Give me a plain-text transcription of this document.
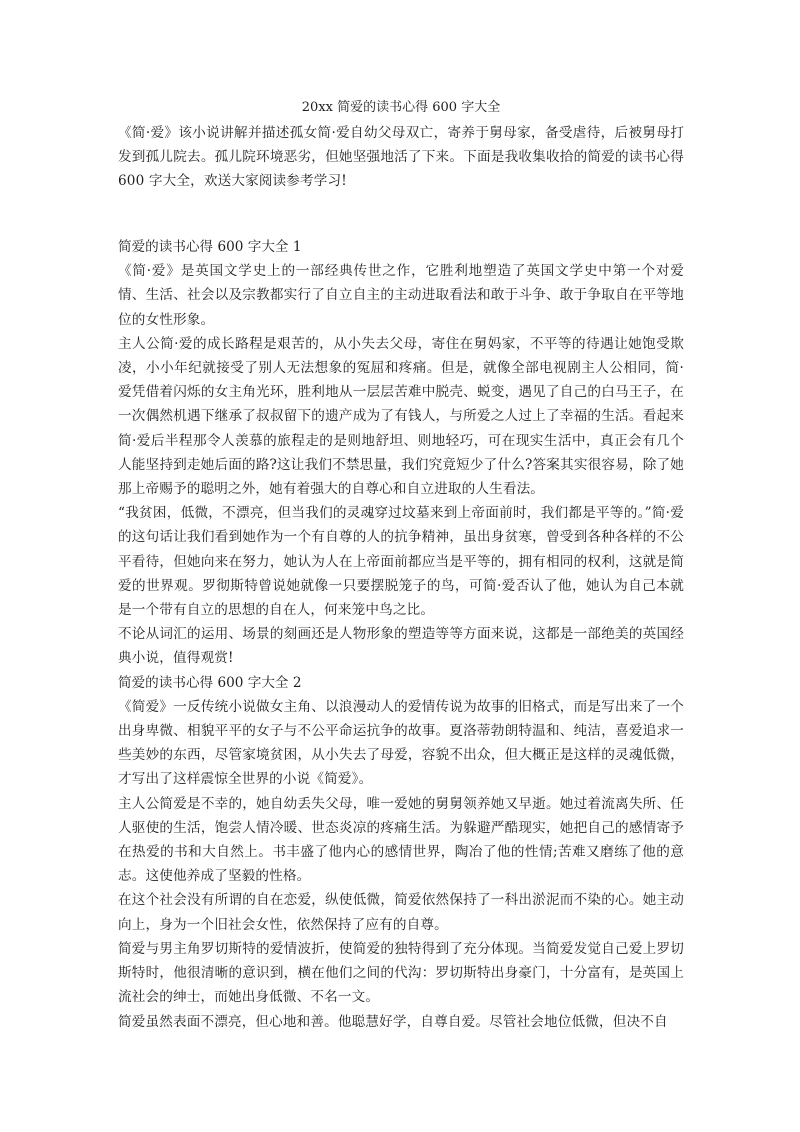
20xx 简爱的读书心得 600 字大全

《简·爱》该小说讲解并描述孤女简·爱自幼父母双亡，寄养于舅母家，备受虐待，后被舅母打发到孤儿院去。孤儿院环境恶劣，但她坚强地活了下来。下面是我收集收拾的简爱的读书心得 600 字大全，欢送大家阅读参考学习!

简爱的读书心得 600 字大全 1

《简·爱》是英国文学史上的一部经典传世之作，它胜利地塑造了英国文学史中第一个对爱情、生活、社会以及宗教都实行了自立自主的主动进取看法和敢于斗争、敢于争取自在平等地位的女性形象。

主人公简·爱的成长路程是艰苦的，从小失去父母，寄住在舅妈家，不平等的待遇让她饱受欺凌，小小年纪就接受了别人无法想象的冤屈和疼痛。但是，就像全部电视剧主人公相同，简·爱凭借着闪烁的女主角光环，胜利地从一层层苦难中脱壳、蜕变，遇见了自己的白马王子，在一次偶然机遇下继承了叔叔留下的遗产成为了有钱人，与所爱之人过上了幸福的生活。看起来简·爱后半程那令人羡慕的旅程走的是则地舒坦、则地轻巧，可在现实生活中，真正会有几个人能坚持到走她后面的路?这让我们不禁思量，我们究竟短少了什么?答案其实很容易，除了她那上帝赐予的聪明之外，她有着强大的自尊心和自立进取的人生看法。

“我贫困，低微，不漂亮，但当我们的灵魂穿过坟墓来到上帝面前时，我们都是平等的。”简·爱的这句话让我们看到她作为一个有自尊的人的抗争精神，虽出身贫寒，曾受到各种各样的不公平看待，但她向来在努力，她认为人在上帝面前都应当是平等的，拥有相同的权利，这就是简爱的世界观。罗彻斯特曾说她就像一只要摆脱笼子的鸟，可简·爱否认了他，她认为自己本就是一个带有自立的思想的自在人，何来笼中鸟之比。

不论从词汇的运用、场景的刻画还是人物形象的塑造等等方面来说，这都是一部绝美的英国经典小说，值得观赏!

简爱的读书心得 600 字大全 2

《简爱》一反传统小说做女主角、以浪漫动人的爱情传说为故事的旧格式，而是写出来了一个出身卑微、相貌平平的女子与不公平命运抗争的故事。夏洛蒂勃朗特温和、纯洁，喜爱追求一些美妙的东西，尽管家境贫困，从小失去了母爱，容貌不出众，但大概正是这样的灵魂低微，才写出了这样震惊全世界的小说《简爱》。

主人公简爱是不幸的，她自幼丢失父母，唯一爱她的舅舅领养她又早逝。她过着流离失所、任人驱使的生活，饱尝人情冷暖、世态炎凉的疼痛生活。为躲避严酷现实，她把自己的感情寄予在热爱的书和大自然上。书丰盛了他内心的感情世界，陶冶了他的性情;苦难又磨练了他的意志。这使他养成了坚毅的性格。

在这个社会没有所谓的自在恋爱，纵使低微，简爱依然保持了一科出淤泥而不染的心。她主动向上，身为一个旧社会女性，依然保持了应有的自尊。

简爱与男主角罗切斯特的爱情波折，使简爱的独特得到了充分体现。当简爱发觉自己爱上罗切斯特时，他很清晰的意识到，横在他们之间的代沟：罗切斯特出身豪门，十分富有，是英国上流社会的绅士，而她出身低微、不名一文。

简爱虽然表面不漂亮，但心地和善。他聪慧好学，自尊自爱。尽管社会地位低微，但决不自
